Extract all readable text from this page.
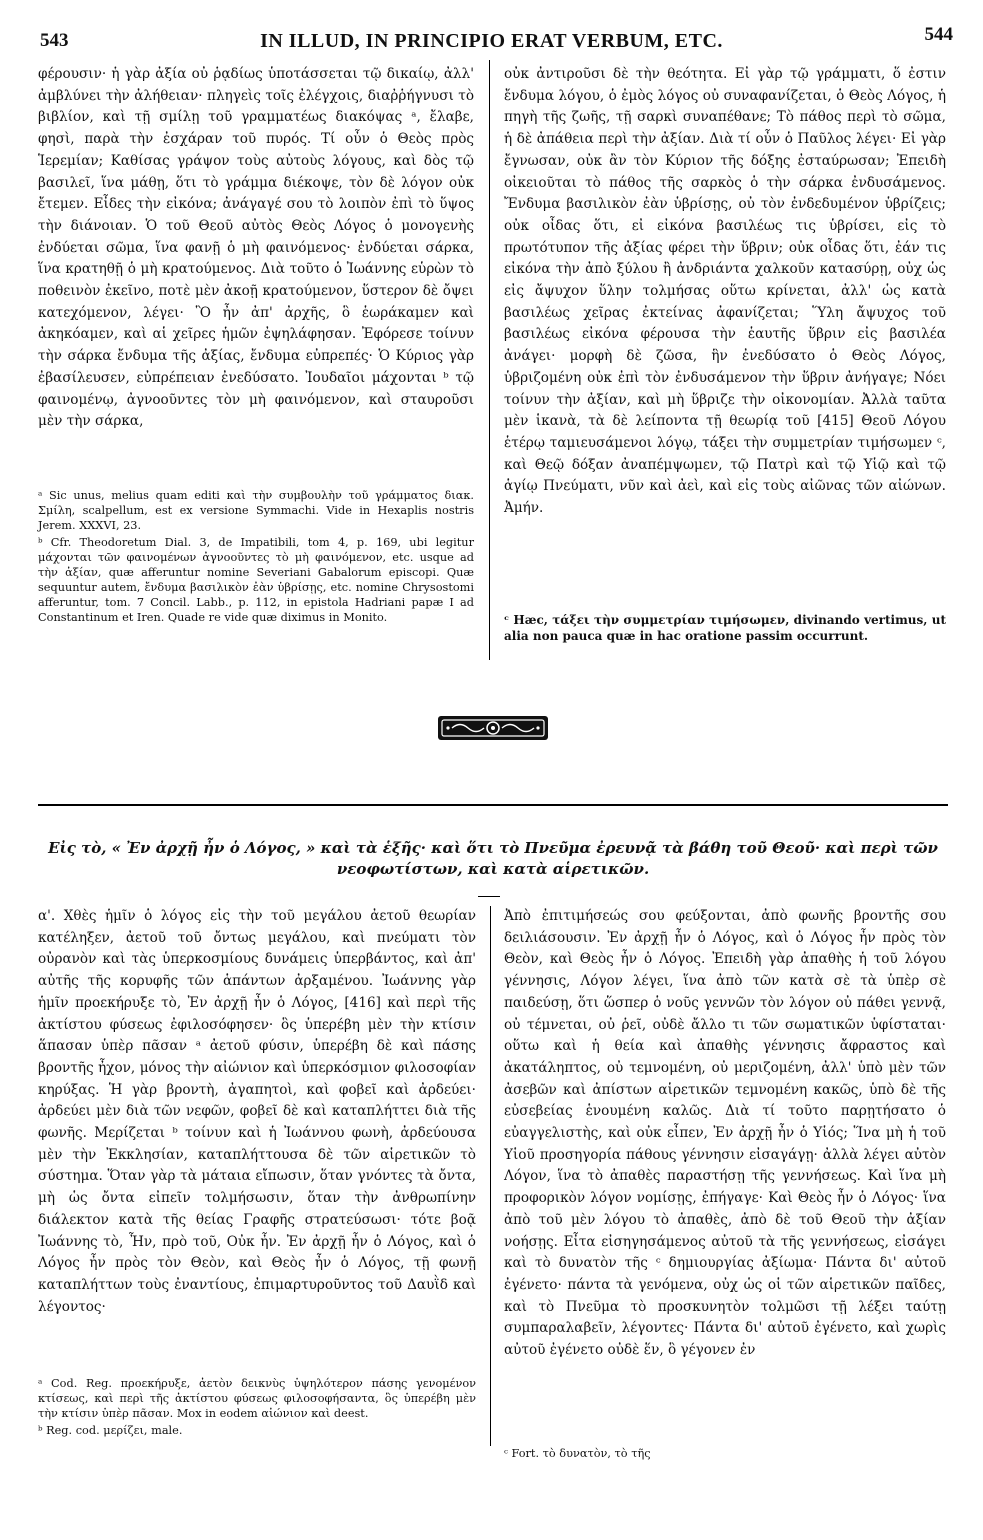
543	IN ILLUD, IN PRINCIPIO ERAT VERBUM, ETC.	544

φέρουσιν· ἡ γὰρ ἀξία οὐ ῥᾳδίως ὑποτάσσεται τῷ δικαίῳ, ἀλλ' ἀμβλύνει τὴν ἀλήθειαν· πληγεὶς τοῖς ἐλέγχοις, διαῤῥήγνυσι τὸ βιβλίον, καὶ τῇ σμίλῃ τοῦ γραμματέως διακόψας ᵃ, ἔλαβε, φησὶ, παρὰ τὴν ἐσχάραν τοῦ πυρός. Τί οὖν ὁ Θεὸς πρὸς Ἱερεμίαν; Καθίσας γράψον τοὺς αὐτοὺς λόγους, καὶ δὸς τῷ βασιλεῖ, ἵνα μάθῃ, ὅτι τὸ γράμμα διέκοψε, τὸν δὲ λόγον οὐκ ἔτεμεν. Εἶδες τὴν εἰκόνα; ἀνάγαγέ σου τὸ λοιπὸν ἐπὶ τὸ ὕψος τὴν διάνοιαν. Ὁ τοῦ Θεοῦ αὐτὸς Θεὸς Λόγος ὁ μονογενὴς ἐνδύεται σῶμα, ἵνα φανῇ ὁ μὴ φαινόμενος· ἐνδύεται σάρκα, ἵνα κρατηθῇ ὁ μὴ κρατούμενος. Διὰ τοῦτο ὁ Ἰωάννης εὑρὼν τὸ ποθεινὸν ἐκεῖνο, ποτὲ μὲν ἀκοῇ κρατούμενον, ὕστερον δὲ ὄψει κατεχόμενον, λέγει· Ὃ ἦν ἀπ' ἀρχῆς, ὃ ἑωράκαμεν καὶ ἀκηκόαμεν, καὶ αἱ χεῖρες ἡμῶν ἐψηλάφησαν. Ἐφόρεσε τοίνυν τὴν σάρκα ἔνδυμα τῆς ἀξίας, ἔνδυμα εὐπρεπές· Ὁ Κύριος γὰρ ἐβασίλευσεν, εὐπρέπειαν ἐνεδύσατο. Ἰουδαῖοι μάχονται ᵇ τῷ φαινομένῳ, ἀγνοοῦντες τὸν μὴ φαινόμενον, καὶ σταυροῦσι μὲν τὴν σάρκα,

ᵃ Sic unus, melius quam editi καὶ τὴν συμβουλὴν τοῦ γράμματος διακ. Σμίλη, scalpellum, est ex versione Symmachi. Vide in Hexaplis nostris Jerem. XXXVI, 23.

ᵇ Cfr. Theodoretum Dial. 3, de Impatibili, tom 4, p. 169, ubi legitur μάχονται τῶν φαινομένων ἀγνοοῦντες τὸ μὴ φαινόμενον, etc. usque ad τὴν ἀξίαν, quæ afferuntur nomine Severiani Gabalorum episcopi. Quæ sequuntur autem, ἔνδυμα βασιλικὸν ἐὰν ὑβρίσῃς, etc. nomine Chrysostomi afferuntur, tom. 7 Concil. Labb., p. 112, in epistola Hadriani papæ I ad Constantinum et Iren. Quade re vide quæ diximus in Monito.

οὐκ ἀντιροῦσι δὲ τὴν θεότητα. Εἰ γὰρ τῷ γράμματι, ὅ ἐστιν ἔνδυμα λόγου, ὁ ἐμὸς λόγος οὐ συναφανίζεται, ὁ Θεὸς Λόγος, ἡ πηγὴ τῆς ζωῆς, τῇ σαρκὶ συναπέθανε; Τὸ πάθος περὶ τὸ σῶμα, ἡ δὲ ἀπάθεια περὶ τὴν ἀξίαν. Διὰ τί οὖν ὁ Παῦλος λέγει· Εἰ γὰρ ἔγνωσαν, οὐκ ἂν τὸν Κύριον τῆς δόξης ἐσταύρωσαν; Ἐπειδὴ οἰκειοῦται τὸ πάθος τῆς σαρκὸς ὁ τὴν σάρκα ἐνδυσάμενος. Ἔνδυμα βασιλικὸν ἐὰν ὑβρίσῃς, οὐ τὸν ἐνδεδυμένον ὑβρίζεις; οὐκ οἶδας ὅτι, εἰ εἰκόνα βασιλέως τις ὑβρίσει, εἰς τὸ πρωτότυπον τῆς ἀξίας φέρει τὴν ὕβριν; οὐκ οἶδας ὅτι, ἐάν τις εἰκόνα τὴν ἀπὸ ξύλου ἢ ἀνδριάντα χαλκοῦν κατασύρῃ, οὐχ ὡς εἰς ἄψυχον ὕλην τολμήσας οὕτω κρίνεται, ἀλλ' ὡς κατὰ βασιλέως χεῖρας ἐκτείνας ἀφανίζεται; Ὕλη ἄψυχος τοῦ βασιλέως εἰκόνα φέρουσα τὴν ἑαυτῆς ὕβριν εἰς βασιλέα ἀνάγει· μορφὴ δὲ ζῶσα, ἣν ἐνεδύσατο ὁ Θεὸς Λόγος, ὑβριζομένη οὐκ ἐπὶ τὸν ἐνδυσάμενον τὴν ὕβριν ἀνήγαγε; Νόει τοίνυν τὴν ἀξίαν, καὶ μὴ ὕβριζε τὴν οἰκονομίαν. Ἀλλὰ ταῦτα μὲν ἱκανὰ, τὰ δὲ λείποντα τῇ θεωρίᾳ τοῦ [415] Θεοῦ Λόγου ἑτέρῳ ταμιευσάμενοι λόγῳ, τάξει τὴν συμμετρίαν τιμήσωμεν ᶜ, καὶ Θεῷ δόξαν ἀναπέμψωμεν, τῷ Πατρὶ καὶ τῷ Υἱῷ καὶ τῷ ἁγίῳ Πνεύματι, νῦν καὶ ἀεὶ, καὶ εἰς τοὺς αἰῶνας τῶν αἰώνων. Ἀμήν.

ᶜ Hæc, τάξει τὴν συμμετρίαν τιμήσωμεν, divinando vertimus, ut alia non pauca quæ in hac oratione passim occurrunt.

Εἰς τὸ, « Ἐν ἀρχῇ ἦν ὁ Λόγος, » καὶ τὰ ἑξῆς· καὶ ὅτι τὸ Πνεῦμα ἐρευνᾷ τὰ βάθη τοῦ Θεοῦ· καὶ περὶ τῶν νεοφωτίστων, καὶ κατὰ αἱρετικῶν.

α'. Χθὲς ἡμῖν ὁ λόγος εἰς τὴν τοῦ μεγάλου ἀετοῦ θεωρίαν κατέληξεν, ἀετοῦ τοῦ ὄντως μεγάλου, καὶ πνεύματι τὸν οὐρανὸν καὶ τὰς ὑπερκοσμίους δυνάμεις ὑπερβάντος, καὶ ἀπ' αὐτῆς τῆς κορυφῆς τῶν ἁπάντων ἀρξαμένου. Ἰωάννης γὰρ ἡμῖν προεκήρυξε τὸ, Ἐν ἀρχῇ ἦν ὁ Λόγος, [416] καὶ περὶ τῆς ἀκτίστου φύσεως ἐφιλοσόφησεν· ὃς ὑπερέβη μὲν τὴν κτίσιν ἅπασαν ὑπὲρ πᾶσαν ᵃ ἀετοῦ φύσιν, ὑπερέβη δὲ καὶ πάσης βροντῆς ἦχον, μόνος τὴν αἰώνιον καὶ ὑπερκόσμιον φιλοσοφίαν κηρύξας. Ἡ γὰρ βροντὴ, ἀγαπητοὶ, καὶ φοβεῖ καὶ ἀρδεύει· ἀρδεύει μὲν διὰ τῶν νεφῶν, φοβεῖ δὲ καὶ καταπλήττει διὰ τῆς φωνῆς. Μερίζεται ᵇ τοίνυν καὶ ἡ Ἰωάννου φωνὴ, ἀρδεύουσα μὲν τὴν Ἐκκλησίαν, καταπλήττουσα δὲ τῶν αἱρετικῶν τὸ σύστημα. Ὅταν γὰρ τὰ μάταια εἴπωσιν, ὅταν γνόντες τὰ ὄντα, μὴ ὡς ὄντα εἰπεῖν τολμήσωσιν, ὅταν τὴν ἀνθρωπίνην διάλεκτον κατὰ τῆς θείας Γραφῆς στρατεύσωσι· τότε βοᾷ Ἰωάννης τὸ, Ἦν, πρὸ τοῦ, Οὐκ ἦν. Ἐν ἀρχῇ ἦν ὁ Λόγος, καὶ ὁ Λόγος ἦν πρὸς τὸν Θεὸν, καὶ Θεὸς ἦν ὁ Λόγος, τῇ φωνῇ καταπλήττων τοὺς ἐναντίους, ἐπιμαρτυροῦντος τοῦ Δαυῒδ καὶ λέγοντος·

ᵃ Cod. Reg. προεκήρυξε, ἀετὸν δεικνὺς ὑψηλότερον πάσης γενομένον κτίσεως, καὶ περὶ τῆς ἀκτίστου φύσεως φιλοσοφήσαντα, ὃς ὑπερέβη μὲν τὴν κτίσιν ὑπὲρ πᾶσαν. Mox in eodem αἰώνιον καὶ deest.

ᵇ Reg. cod. μερίζει, male.

Ἀπὸ ἐπιτιμήσεώς σου φεύξονται, ἀπὸ φωνῆς βροντῆς σου δειλιάσουσιν. Ἐν ἀρχῇ ἦν ὁ Λόγος, καὶ ὁ Λόγος ἦν πρὸς τὸν Θεὸν, καὶ Θεὸς ἦν ὁ Λόγος. Ἐπειδὴ γὰρ ἀπαθὴς ἡ τοῦ λόγου γέννησις, Λόγον λέγει, ἵνα ἀπὸ τῶν κατὰ σὲ τὰ ὑπὲρ σὲ παιδεύσῃ, ὅτι ὥσπερ ὁ νοῦς γεννῶν τὸν λόγον οὐ πάθει γεννᾷ, οὐ τέμνεται, οὐ ῥεῖ, οὐδὲ ἄλλο τι τῶν σωματικῶν ὑφίσταται· οὕτω καὶ ἡ θεία καὶ ἀπαθὴς γέννησις ἄφραστος καὶ ἀκατάληπτος, οὐ τεμνομένη, οὐ μεριζομένη, ἀλλ' ὑπὸ μὲν τῶν ἀσεβῶν καὶ ἀπίστων αἱρετικῶν τεμνομένη κακῶς, ὑπὸ δὲ τῆς εὐσεβείας ἑνουμένη καλῶς. Διὰ τί τοῦτο παρῃτήσατο ὁ εὐαγγελιστὴς, καὶ οὐκ εἶπεν, Ἐν ἀρχῇ ἦν ὁ Υἱός; Ἵνα μὴ ἡ τοῦ Υἱοῦ προσηγορία πάθους γέννησιν εἰσαγάγῃ· ἀλλὰ λέγει αὐτὸν Λόγον, ἵνα τὸ ἀπαθὲς παραστήσῃ τῆς γεννήσεως. Καὶ ἵνα μὴ προφορικὸν λόγον νομίσῃς, ἐπήγαγε· Καὶ Θεὸς ἦν ὁ Λόγος· ἵνα ἀπὸ τοῦ μὲν λόγου τὸ ἀπαθὲς, ἀπὸ δὲ τοῦ Θεοῦ τὴν ἀξίαν νοήσῃς. Εἶτα εἰσηγησάμενος αὐτοῦ τὰ τῆς γεννήσεως, εἰσάγει καὶ τὸ δυνατὸν τῆς ᶜ δημιουργίας ἀξίωμα· Πάντα δι' αὐτοῦ ἐγένετο· πάντα τὰ γενόμενα, οὐχ ὡς οἱ τῶν αἱρετικῶν παῖδες, καὶ τὸ Πνεῦμα τὸ προσκυνητὸν τολμῶσι τῇ λέξει ταύτῃ συμπαραλαβεῖν, λέγοντες· Πάντα δι' αὐτοῦ ἐγένετο, καὶ χωρὶς αὐτοῦ ἐγένετο οὐδὲ ἕν, ὃ γέγονεν ἐν

ᶜ Fort. τὸ δυνατὸν, τὸ τῆς
